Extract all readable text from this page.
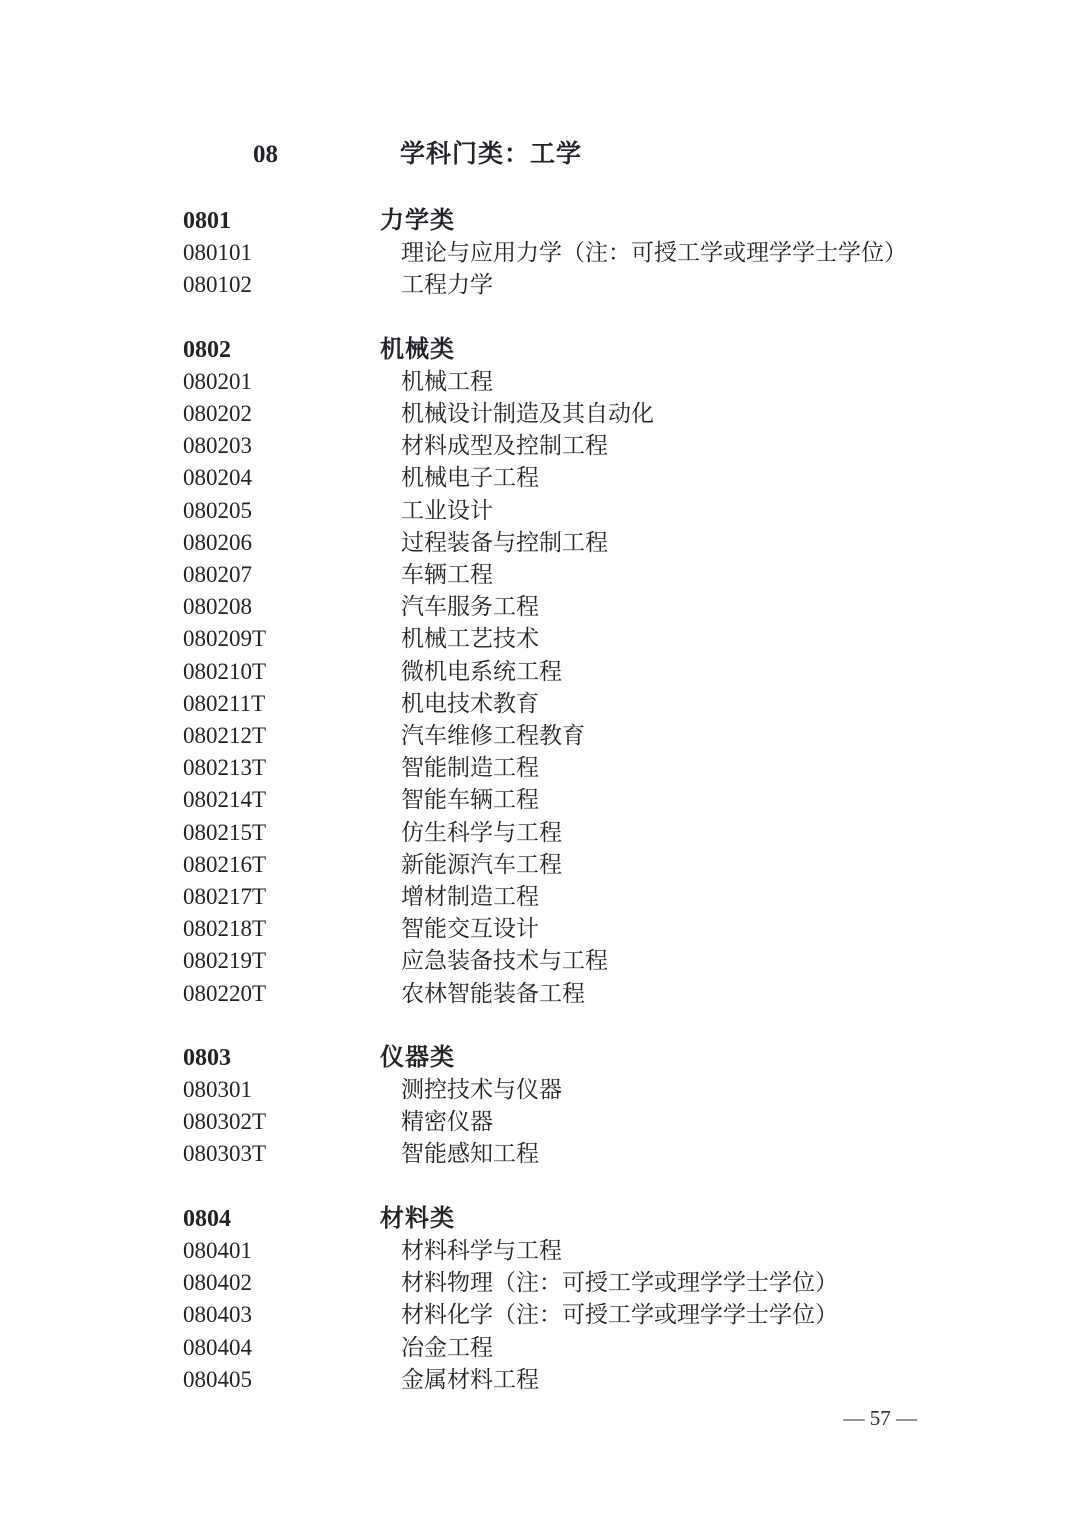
08	学科门类：工学
0801	力学类
080101	理论与应用力学（注：可授工学或理学学士学位）
080102	工程力学
0802	机械类
080201	机械工程
080202	机械设计制造及其自动化
080203	材料成型及控制工程
080204	机械电子工程
080205	工业设计
080206	过程装备与控制工程
080207	车辆工程
080208	汽车服务工程
080209T	机械工艺技术
080210T	微机电系统工程
080211T	机电技术教育
080212T	汽车维修工程教育
080213T	智能制造工程
080214T	智能车辆工程
080215T	仿生科学与工程
080216T	新能源汽车工程
080217T	增材制造工程
080218T	智能交互设计
080219T	应急装备技术与工程
080220T	农林智能装备工程
0803	仪器类
080301	测控技术与仪器
080302T	精密仪器
080303T	智能感知工程
0804	材料类
080401	材料科学与工程
080402	材料物理（注：可授工学或理学学士学位）
080403	材料化学（注：可授工学或理学学士学位）
080404	冶金工程
080405	金属材料工程
— 57 —
